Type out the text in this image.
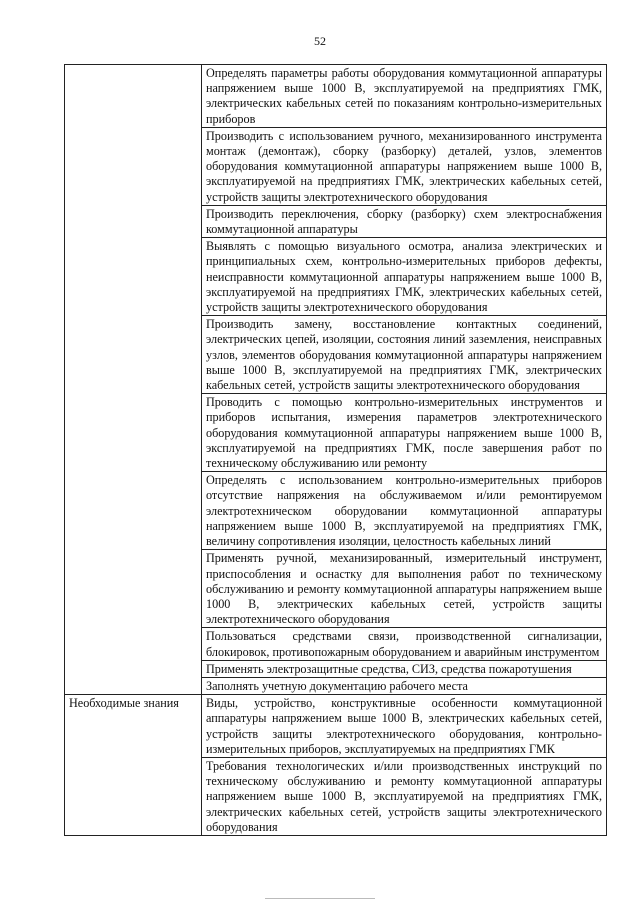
52
	Определять параметры работы оборудования коммутационной аппаратуры напряжением выше 1000 В, эксплуатируемой на предприятиях ГМК, электрических кабельных сетей по показаниям контрольно-измерительных приборов
	Производить с использованием ручного, механизированного инструмента монтаж (демонтаж), сборку (разборку) деталей, узлов, элементов оборудования коммутационной аппаратуры напряжением выше 1000 В, эксплуатируемой на предприятиях ГМК, электрических кабельных сетей, устройств защиты электротехнического оборудования
	Производить переключения, сборку (разборку) схем электроснабжения коммутационной аппаратуры
	Выявлять с помощью визуального осмотра, анализа электрических и принципиальных схем, контрольно-измерительных приборов дефекты, неисправности коммутационной аппаратуры напряжением выше 1000 В, эксплуатируемой на предприятиях ГМК, электрических кабельных сетей, устройств защиты электротехнического оборудования
	Производить замену, восстановление контактных соединений, электрических цепей, изоляции, состояния линий заземления, неисправных узлов, элементов оборудования коммутационной аппаратуры напряжением выше 1000 В, эксплуатируемой на предприятиях ГМК, электрических кабельных сетей, устройств защиты электротехнического оборудования
	Проводить с помощью контрольно-измерительных инструментов и приборов испытания, измерения параметров электротехнического оборудования коммутационной аппаратуры напряжением выше 1000 В, эксплуатируемой на предприятиях ГМК, после завершения работ по техническому обслуживанию или ремонту
	Определять с использованием контрольно-измерительных приборов отсутствие напряжения на обслуживаемом и/или ремонтируемом электротехническом оборудовании коммутационной аппаратуры напряжением выше 1000 В, эксплуатируемой на предприятиях ГМК, величину сопротивления изоляции, целостность кабельных линий
	Применять ручной, механизированный, измерительный инструмент, приспособления и оснастку для выполнения работ по техническому обслуживанию и ремонту коммутационной аппаратуры напряжением выше 1000 В, электрических кабельных сетей, устройств защиты электротехнического оборудования
	Пользоваться средствами связи, производственной сигнализации, блокировок, противопожарным оборудованием и аварийным инструментом
	Применять электрозащитные средства, СИЗ, средства пожаротушения
	Заполнять учетную документацию рабочего места
Необходимые знания	Виды, устройство, конструктивные особенности коммутационной аппаратуры напряжением выше 1000 В, электрических кабельных сетей, устройств защиты электротехнического оборудования, контрольно-измерительных приборов, эксплуатируемых на предприятиях ГМК
	Требования технологических и/или производственных инструкций по техническому обслуживанию и ремонту коммутационной аппаратуры напряжением выше 1000 В, эксплуатируемой на предприятиях ГМК, электрических кабельных сетей, устройств защиты электротехнического оборудования
